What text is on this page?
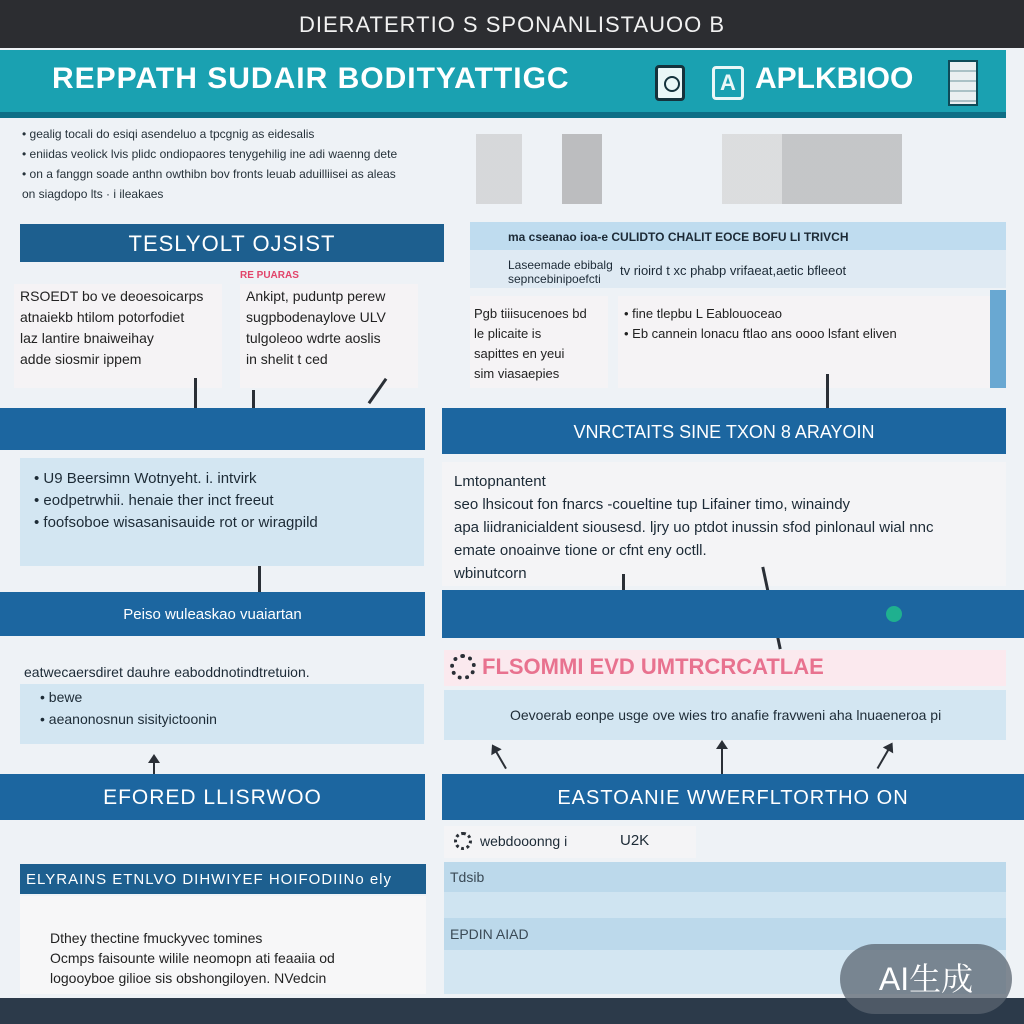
DIERATERTIO S SPONANLISTAUOO B
REPPATH SUDAIR BODITYATTIGC	A APLKBIOO
• gealig tocali do esiqi asendeluo a tpcgnig as eidesalis
• eniidas veolick lvis plidc ondiopaores tenygehilig ine adi waenng dete
• on a fanggn soade anthn owthibn bov fronts leuab aduilliisei as aleas
on siagdopo lts · i ileakaes
TESLYOLT OJSIST
RE PUARAS
RSOEDT bo ve deoesoicarps
atnaiekb htilom potorfodiet
laz lantire bnaiweihay
adde siosmir ippem
Ankipt, puduntp perew
sugpbodenaylove ULV
tulgoleoo wdrte aoslis
in shelit t ced
• U9 Beersimn Wotnyeht. i. intvirk
• eodpetrwhii. henaie ther inct freeut
• foofsoboe wisasanisauide rot or wiragpild
Peiso wuleaskao vuaiartan
eatwecaersdiret dauhre eaboddnotindtretuion.
• bewe
• aeanonosnun sisityictoonin
EFORED LLISRWOO
ELYRAINS ETNLVO DIHWIYEF HOIFODIINo ely
Dthey thectine fmuckyvec tomines
Ocmps faisounte wilile neomopn ati feaaiia od
logooyboe gilioe sis obshongiloyen. NVedcin
ma cseanao ioa-e CULIDTO CHALIT EOCE BOFU LI TRIVCH
Laseemade ebibalg
sepncebinipoefcti
tv rioird t xc phabp vrifaeat,aetic bfleeot
Pgb tiiisucenoes bd
le plicaite is
sapittes en yeui
sim viasaepies
• fine tlepbu L Eablouoceao
• Eb cannein lonacu ftlao ans oooo lsfant eliven
VNRCTAITS SINE TXON 8 ARAYOIN
Lmtopnantent
seo lhsicout fon fnarcs -coueltine tup Lifainer timo, winaindy
apa liidranicialdent siousesd. ljry uo ptdot inussin sfod pinlonaul wial nnc
emate onoainve tione or cfnt eny octll.
wbinutcorn
FLSOMMI EVD UMTRCRCATLAE
Oevoerab eonpe usge ove wies tro anafie fravweni aha lnuaeneroa pi
EASTOANIE WWERFLTORTHO ON
webdooonng i	U2K
Tdsib
EPDIN AIAD
AI生成
